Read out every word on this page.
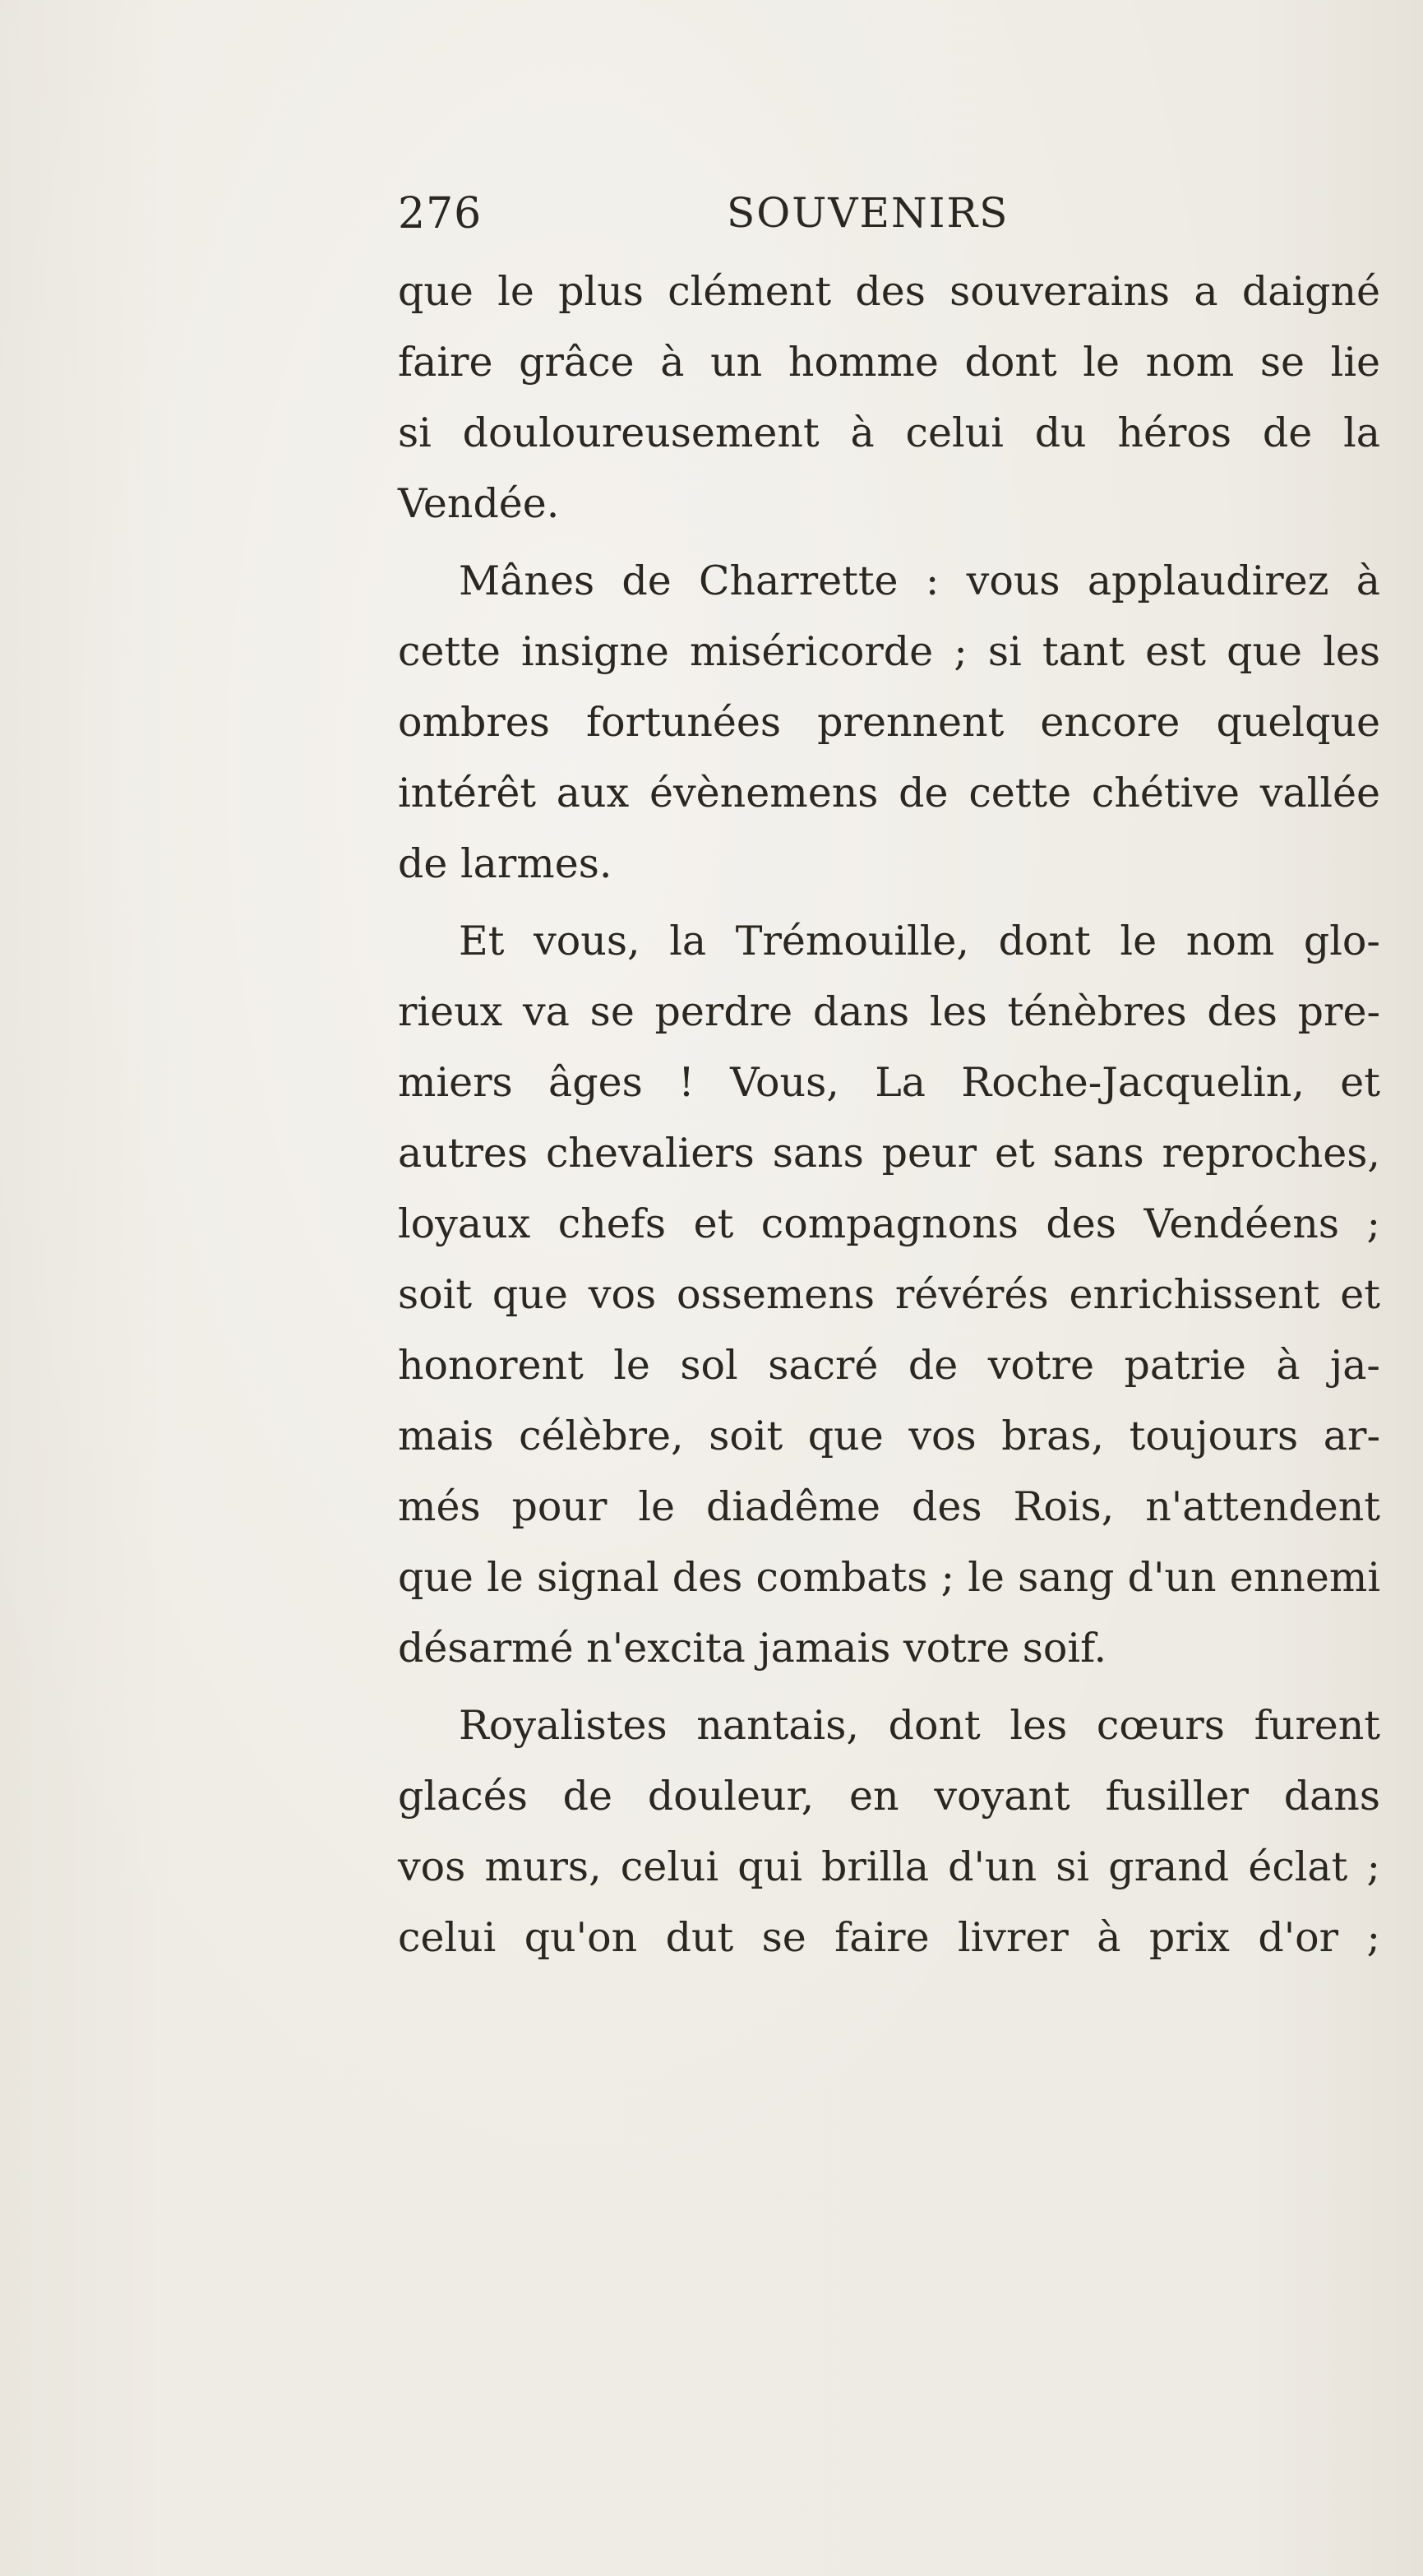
276	SOUVENIRS
que le plus clément des souverains a daigné
faire grâce à un homme dont le nom se lie
si douloureusement à celui du héros de la
Vendée.
Mânes de Charrette : vous applaudirez à
cette insigne miséricorde ; si tant est que les
ombres fortunées prennent encore quelque
intérêt aux évènemens de cette chétive vallée
de larmes.
Et vous, la Trémouille, dont le nom glo-
rieux va se perdre dans les ténèbres des pre-
miers âges ! Vous, La Roche-Jacquelin, et
autres chevaliers sans peur et sans reproches,
loyaux chefs et compagnons des Vendéens ;
soit que vos ossemens révérés enrichissent et
honorent le sol sacré de votre patrie à ja-
mais célèbre, soit que vos bras, toujours ar-
més pour le diadême des Rois, n'attendent
que le signal des combats ; le sang d'un ennemi
désarmé n'excita jamais votre soif.
Royalistes nantais, dont les cœurs furent
glacés de douleur, en voyant fusiller dans
vos murs, celui qui brilla d'un si grand éclat ;
celui qu'on dut se faire livrer à prix d'or ;
